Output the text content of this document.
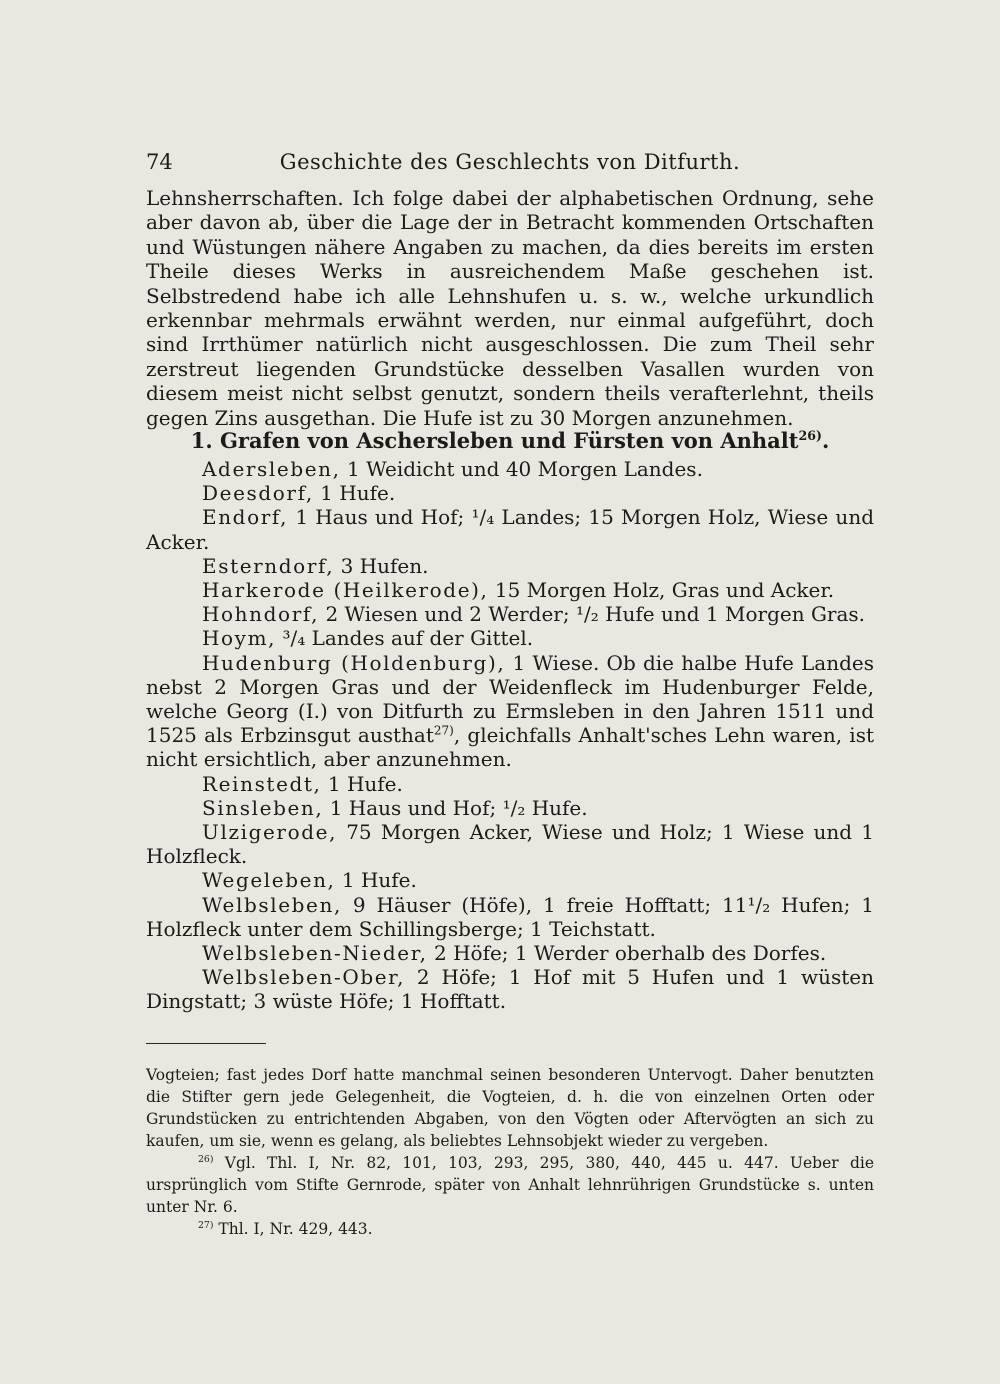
74	Geschichte des Geschlechts von Ditfurth.

Lehnsherrschaften. Ich folge dabei der alphabetischen Ordnung, sehe aber davon ab, über die Lage der in Betracht kommenden Ortschaften und Wüstungen nähere Angaben zu machen, da dies bereits im ersten Theile dieses Werks in ausreichendem Maße geschehen ist. Selbstredend habe ich alle Lehnshufen u. s. w., welche urkundlich erkennbar mehrmals erwähnt werden, nur einmal aufgeführt, doch sind Irrthümer natürlich nicht ausgeschlossen. Die zum Theil sehr zerstreut liegenden Grundstücke desselben Vasallen wurden von diesem meist nicht selbst genutzt, sondern theils verafterlehnt, theils gegen Zins ausgethan. Die Hufe ist zu 30 Morgen anzunehmen.

1. Grafen von Aschersleben und Fürsten von Anhalt$^{26)}$.

Adersleben, 1 Weidicht und 40 Morgen Landes.

Deesdorf, 1 Hufe.

Endorf, 1 Haus und Hof; ¹/₄ Landes; 15 Morgen Holz, Wiese und Acker.

Esterndorf, 3 Hufen.

Harkerode (Heilkerode), 15 Morgen Holz, Gras und Acker.

Hohndorf, 2 Wiesen und 2 Werder; ¹/₂ Hufe und 1 Morgen Gras.

Hoym, ³/₄ Landes auf der Gittel.

Hudenburg (Holdenburg), 1 Wiese. Ob die halbe Hufe Landes nebst 2 Morgen Gras und der Weidenfleck im Hudenburger Felde, welche Georg (I.) von Ditfurth zu Ermsleben in den Jahren 1511 und 1525 als Erbzinsgut austhat$^{27)}$, gleichfalls Anhalt'sches Lehn waren, ist nicht ersichtlich, aber anzunehmen.

Reinstedt, 1 Hufe.

Sinsleben, 1 Haus und Hof; ¹/₂ Hufe.

Ulzigerode, 75 Morgen Acker, Wiese und Holz; 1 Wiese und 1 Holzfleck.

Wegeleben, 1 Hufe.

Welbsleben, 9 Häuser (Höfe), 1 freie Hofftatt; 11¹/₂ Hufen; 1 Holzfleck unter dem Schillingsberge; 1 Teichstatt.

Welbsleben-Nieder, 2 Höfe; 1 Werder oberhalb des Dorfes.

Welbsleben-Ober, 2 Höfe; 1 Hof mit 5 Hufen und 1 wüsten Dingstatt; 3 wüste Höfe; 1 Hofftatt.

Vogteien; fast jedes Dorf hatte manchmal seinen besonderen Untervogt. Daher benutzten die Stifter gern jede Gelegenheit, die Vogteien, d. h. die von einzelnen Orten oder Grundstücken zu entrichtenden Abgaben, von den Vögten oder Aftervögten an sich zu kaufen, um sie, wenn es gelang, als beliebtes Lehnsobjekt wieder zu vergeben.

$^{26)}$ Vgl. Thl. I, Nr. 82, 101, 103, 293, 295, 380, 440, 445 u. 447. Ueber die ursprünglich vom Stifte Gernrode, später von Anhalt lehnrührigen Grundstücke s. unten unter Nr. 6.

$^{27)}$ Thl. I, Nr. 429, 443.
